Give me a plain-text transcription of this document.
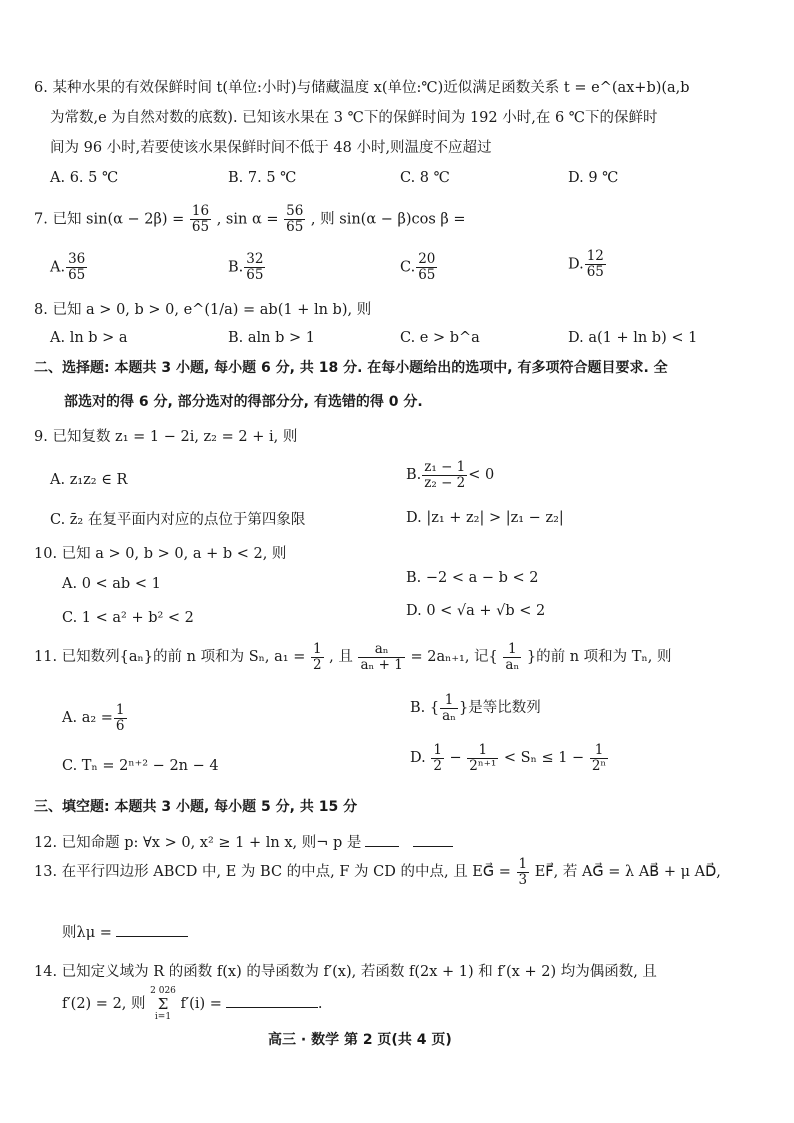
6. 某种水果的有效保鲜时间 t(单位:小时)与储藏温度 x(单位:℃)近似满足函数关系 t = e^(ax+b)(a,b
为常数,e 为自然对数的底数). 已知该水果在 3 ℃下的保鲜时间为 192 小时,在 6 ℃下的保鲜时
间为 96 小时,若要使该水果保鲜时间不低于 48 小时,则温度不应超过
A. 6. 5 ℃	B. 7. 5 ℃	C. 8 ℃	D. 9 ℃
7. 已知 $\sin(\alpha - 2\beta) = \frac{16}{65}$ , $\sin \alpha = \frac{56}{65}$ , 则 sin(α − β)cos β =
A. $\frac{36}{65}$	B. $\frac{32}{65}$	C. $\frac{20}{65}$	D. $\frac{12}{65}$
8. 已知 a > 0, b > 0, e^(1/a) = ab(1 + ln b), 则
A. ln b > a	B. aln b > 1	C. e > b^a	D. a(1 + ln b) < 1
二、选择题: 本题共 3 小题, 每小题 6 分, 共 18 分. 在每小题给出的选项中, 有多项符合题目要求. 全
部选对的得 6 分, 部分选对的得部分分, 有选错的得 0 分.
9. 已知复数 z₁ = 1 − 2i, z₂ = 2 + i, 则
A. z₁z₂ ∈ R	B. $\frac{\text{z₁ − 1}}{\text{z₂ − 2}} < 0$
C. z̄₂ 在复平面内对应的点位于第四象限	D. |z₁ + z₂| > |z₁ − z₂|
10. 已知 a > 0, b > 0, a + b < 2, 则
A. 0 < ab < 1	B. −2 < a − b < 2
C. 1 < a² + b² < 2	D. 0 < √a + √b < 2
11. 已知数列{aₙ}的前 n 项和为 Sₙ, $a_1 = \frac{1}{2}$ , 且 $\frac{\text{aₙ}}{\text{aₙ + 1}} = 2a_{n+1}$, 记{ $\frac{1}{\text{aₙ}}$ }的前 n 项和为 Tₙ, 则
A. $a_2 = \frac{1}{6}$	B. { $\frac{1}{\text{aₙ}}$ }是等比数列
C. Tₙ = 2ⁿ⁺² − 2n − 4	D. $\frac{1}{2} - \frac{1}{\text{2ⁿ⁺¹}} < S_n \le 1 - \frac{1}{\text{2ⁿ}}$
三、填空题: 本题共 3 小题, 每小题 5 分, 共 15 分
12. 已知命题 p: ∀x > 0, x² ≥ 1 + ln x, 则¬ p 是
13. 在平行四边形 ABCD 中, E 为 BC 的中点, F 为 CD 的中点, 且 EG⃗ = $\frac{1}{3}$ EF⃗, 若 AG⃗ = λ AB⃗ + μ AD⃗,
则λμ =
14. 已知定义域为 R 的函数 f(x) 的导函数为 f′(x), 若函数 f(2x + 1) 和 f′(x + 2) 均为偶函数, 且
f′(2) = 2, 则
2 026
Σ
i=1
f′(i) =	.
高三 · 数学 第 2 页(共 4 页)
